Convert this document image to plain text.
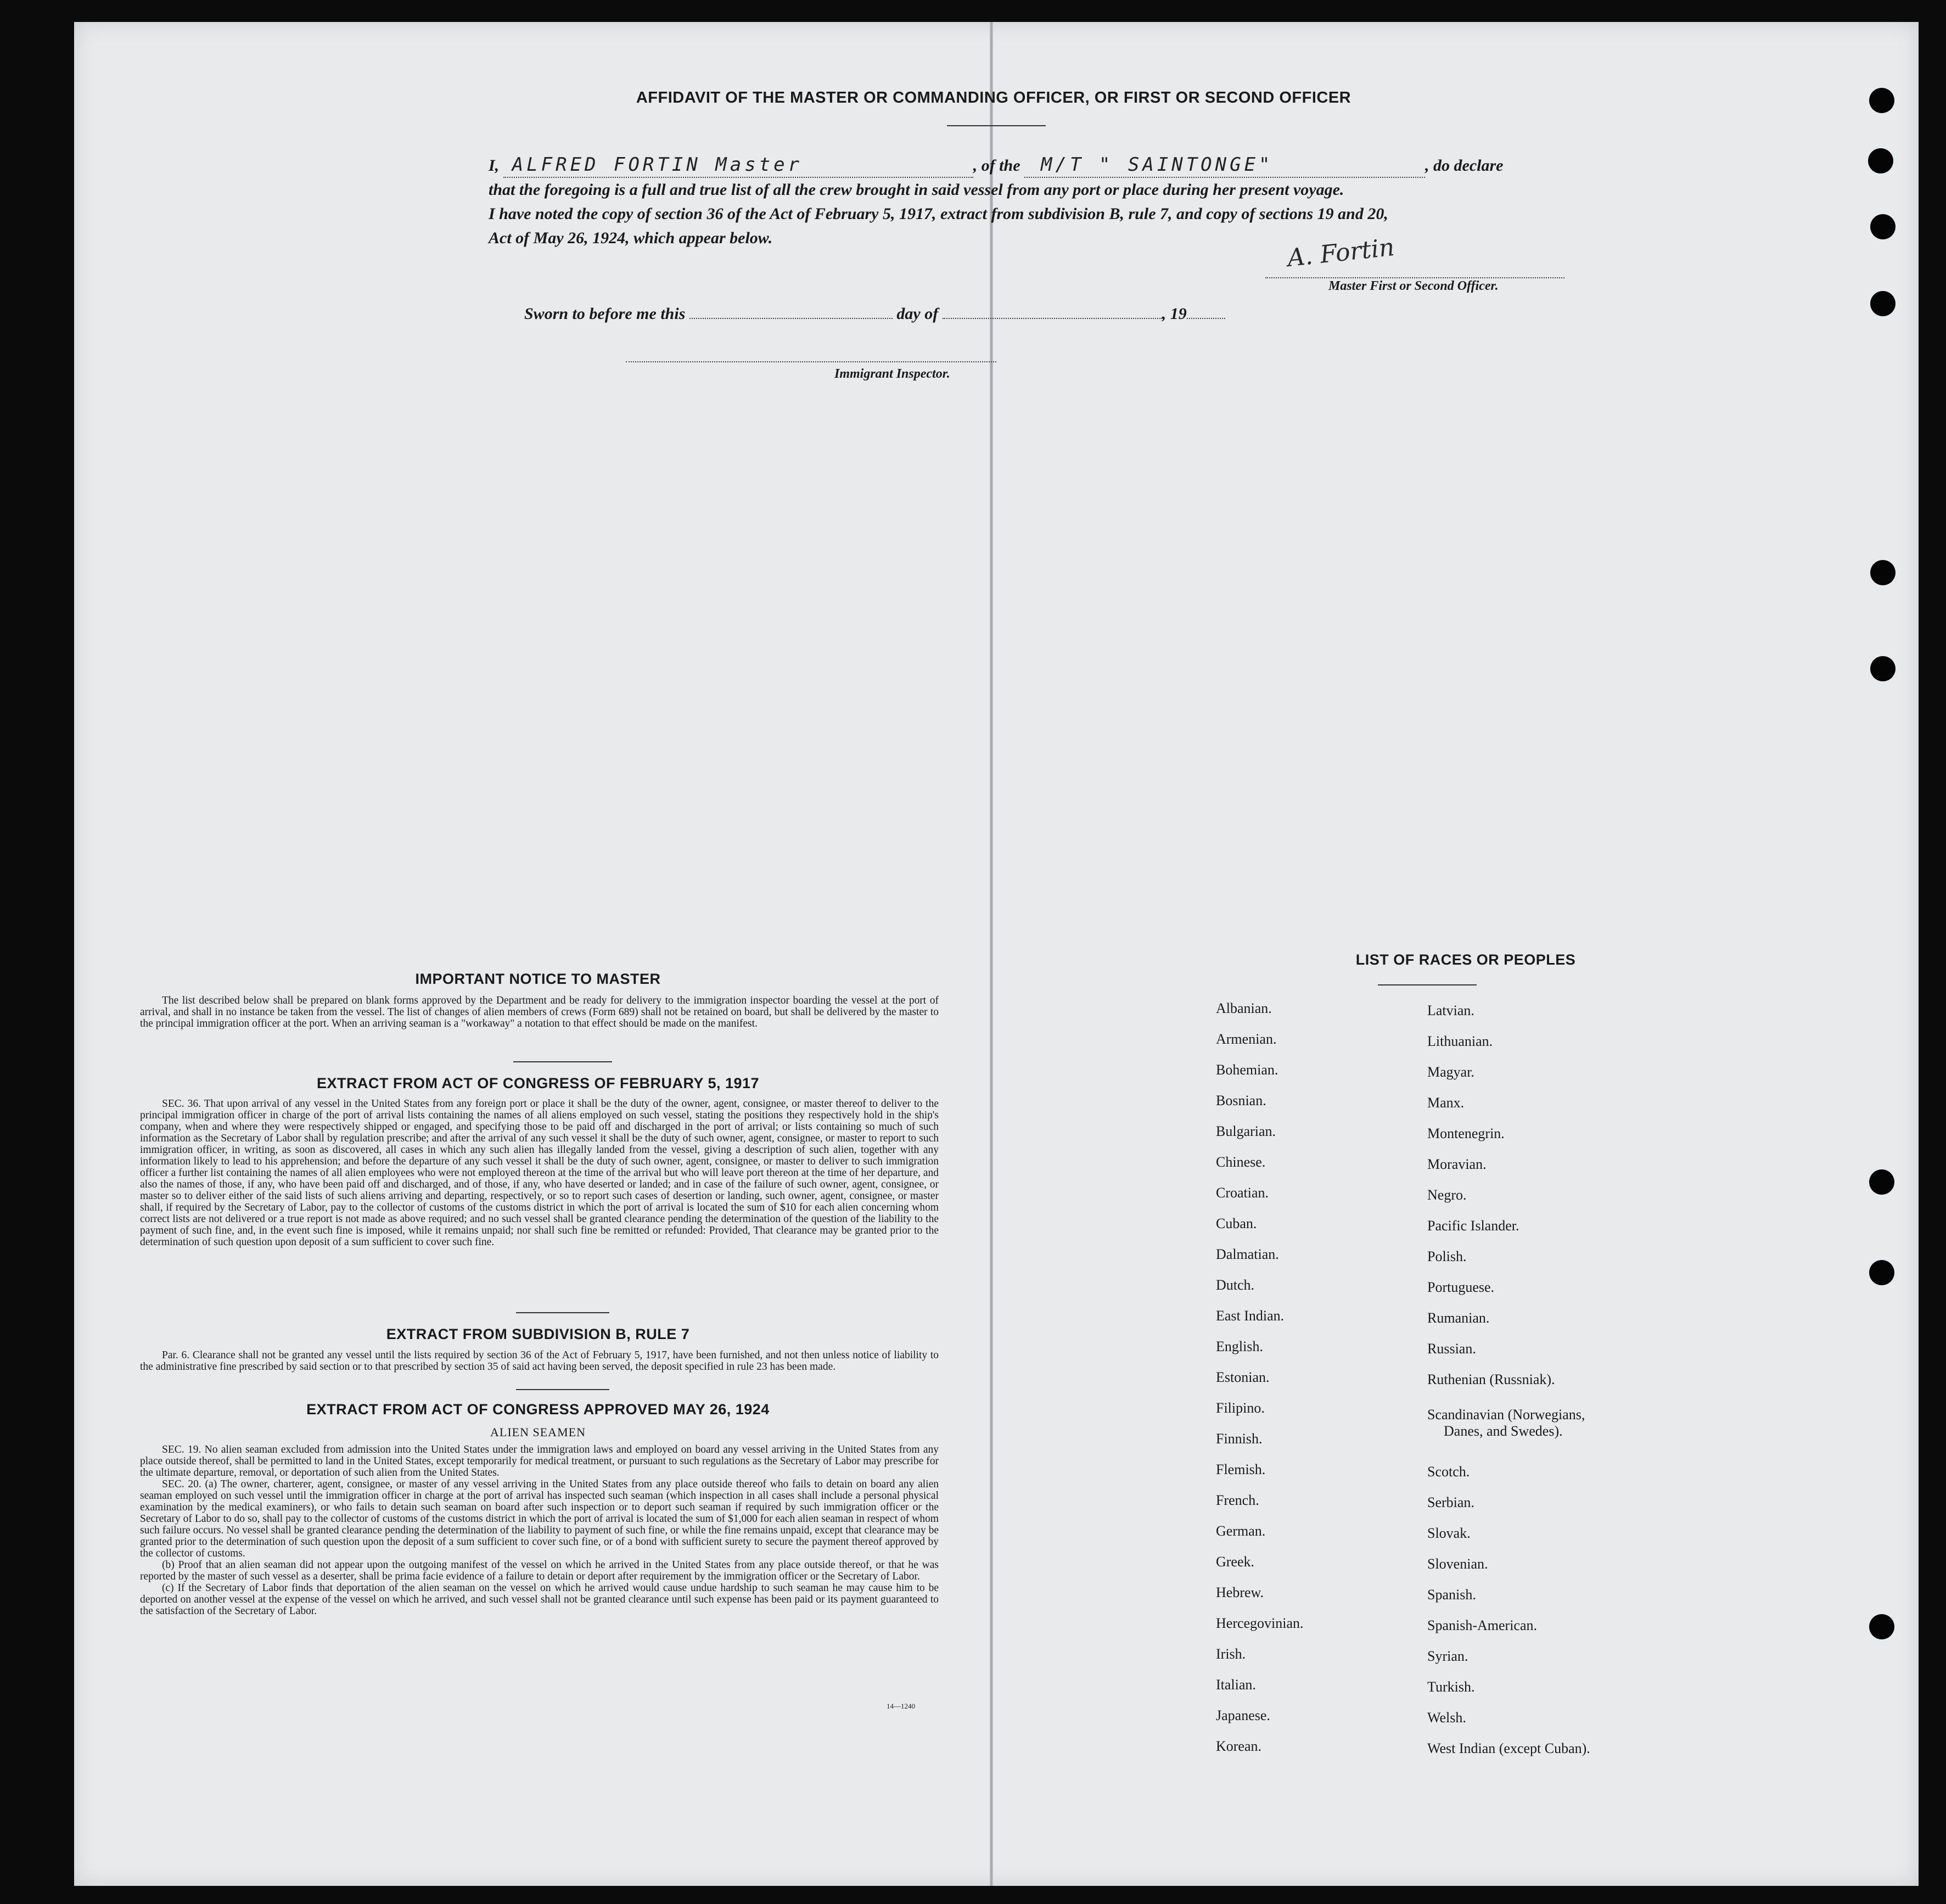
AFFIDAVIT OF THE MASTER OR COMMANDING OFFICER, OR FIRST OR SECOND OFFICER
I, ALFRED FORTIN Master	, of the M/T " SAINTONGE"	, do declare
that the foregoing is a full and true list of all the crew brought in said vessel from any port or place during her present voyage.
I have noted the copy of section 36 of the Act of February 5, 1917, extract from subdivision B, rule 7, and copy of sections 19 and 20,
Act of May 26, 1924, which appear below.	A. Fortin
Master First or Second Officer.
Sworn to before me this	day of	, 19
Immigrant Inspector.
IMPORTANT NOTICE TO MASTER

The list described below shall be prepared on blank forms approved by the Department and be ready for delivery to the immigration inspector boarding the vessel at the port of arrival, and shall in no instance be taken from the vessel. The list of changes of alien members of crews (Form 689) shall not be retained on board, but shall be delivered by the master to the principal immigration officer at the port. When an arriving seaman is a "workaway" a notation to that effect should be made on the manifest.

EXTRACT FROM ACT OF CONGRESS OF FEBRUARY 5, 1917

SEC. 36. That upon arrival of any vessel in the United States from any foreign port or place it shall be the duty of the owner, agent, consignee, or master thereof to deliver to the principal immigration officer in charge of the port of arrival lists containing the names of all aliens employed on such vessel, stating the positions they respectively hold in the ship's company, when and where they were respectively shipped or engaged, and specifying those to be paid off and discharged in the port of arrival; or lists containing so much of such information as the Secretary of Labor shall by regulation prescribe; and after the arrival of any such vessel it shall be the duty of such owner, agent, consignee, or master to report to such immigration officer, in writing, as soon as discovered, all cases in which any such alien has illegally landed from the vessel, giving a description of such alien, together with any information likely to lead to his apprehension; and before the departure of any such vessel it shall be the duty of such owner, agent, consignee, or master to deliver to such immigration officer a further list containing the names of all alien employees who were not employed thereon at the time of the arrival but who will leave port thereon at the time of her departure, and also the names of those, if any, who have been paid off and discharged, and of those, if any, who have deserted or landed; and in case of the failure of such owner, agent, consignee, or master so to deliver either of the said lists of such aliens arriving and departing, respectively, or so to report such cases of desertion or landing, such owner, agent, consignee, or master shall, if required by the Secretary of Labor, pay to the collector of customs of the customs district in which the port of arrival is located the sum of $10 for each alien concerning whom correct lists are not delivered or a true report is not made as above required; and no such vessel shall be granted clearance pending the determination of the question of the liability to the payment of such fine, and, in the event such fine is imposed, while it remains unpaid; nor shall such fine be remitted or refunded: Provided, That clearance may be granted prior to the determination of such question upon deposit of a sum sufficient to cover such fine.

EXTRACT FROM SUBDIVISION B, RULE 7

Par. 6. Clearance shall not be granted any vessel until the lists required by section 36 of the Act of February 5, 1917, have been furnished, and not then unless notice of liability to the administrative fine prescribed by said section or to that prescribed by section 35 of said act having been served, the deposit specified in rule 23 has been made.

EXTRACT FROM ACT OF CONGRESS APPROVED MAY 26, 1924
ALIEN SEAMEN

SEC. 19. No alien seaman excluded from admission into the United States under the immigration laws and employed on board any vessel arriving in the United States from any place outside thereof, shall be permitted to land in the United States, except temporarily for medical treatment, or pursuant to such regulations as the Secretary of Labor may prescribe for the ultimate departure, removal, or deportation of such alien from the United States.

SEC. 20. (a) The owner, charterer, agent, consignee, or master of any vessel arriving in the United States from any place outside thereof who fails to detain on board any alien seaman employed on such vessel until the immigration officer in charge at the port of arrival has inspected such seaman (which inspection in all cases shall include a personal physical examination by the medical examiners), or who fails to detain such seaman on board after such inspection or to deport such seaman if required by such immigration officer or the Secretary of Labor to do so, shall pay to the collector of customs of the customs district in which the port of arrival is located the sum of $1,000 for each alien seaman in respect of whom such failure occurs. No vessel shall be granted clearance pending the determination of the liability to payment of such fine, or while the fine remains unpaid, except that clearance may be granted prior to the determination of such question upon the deposit of a sum sufficient to cover such fine, or of a bond with sufficient surety to secure the payment thereof approved by the collector of customs.

(b) Proof that an alien seaman did not appear upon the outgoing manifest of the vessel on which he arrived in the United States from any place outside thereof, or that he was reported by the master of such vessel as a deserter, shall be prima facie evidence of a failure to detain or deport after requirement by the immigration officer or the Secretary of Labor.

(c) If the Secretary of Labor finds that deportation of the alien seaman on the vessel on which he arrived would cause undue hardship to such seaman he may cause him to be deported on another vessel at the expense of the vessel on which he arrived, and such vessel shall not be granted clearance until such expense has been paid or its payment guaranteed to the satisfaction of the Secretary of Labor.

14—1240
LIST OF RACES OR PEOPLES
Albanian.
Armenian.
Bohemian.
Bosnian.
Bulgarian.
Chinese.
Croatian.
Cuban.
Dalmatian.
Dutch.
East Indian.
English.
Estonian.
Filipino.
Finnish.
Flemish.
French.
German.
Greek.
Hebrew.
Hercegovinian.
Irish.
Italian.
Japanese.
Korean.
Latvian.
Lithuanian.
Magyar.
Manx.
Montenegrin.
Moravian.
Negro.
Pacific Islander.
Polish.
Portuguese.
Rumanian.
Russian.
Ruthenian (Russniak).
Scandinavian (Norwegians,
Danes, and Swedes).
Scotch.
Serbian.
Slovak.
Slovenian.
Spanish.
Spanish-American.
Syrian.
Turkish.
Welsh.
West Indian (except Cuban).
